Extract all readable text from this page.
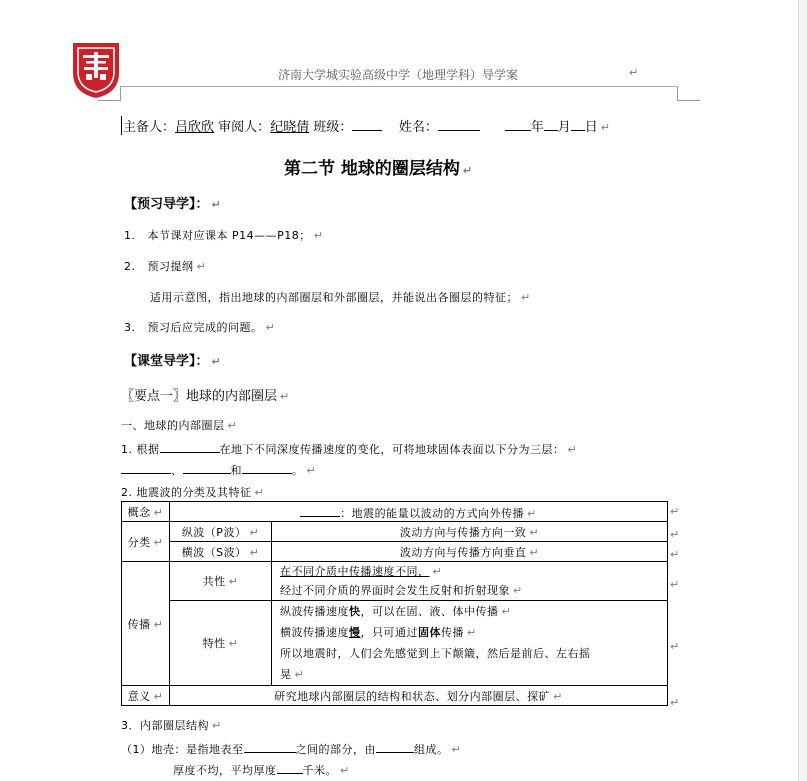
济南大学城实验高级中学（地理学科）导学案	↵
主备人：吕欣欣 审阅人：纪晓倩 班级：	姓名：	年 月 日 ↵
第二节 地球的圈层结构 ↵
【预习导学】： ↵
1. 本节课对应课本 P14——P18； ↵
2. 预习提纲 ↵
适用示意图，指出地球的内部圈层和外部圈层，并能说出各圈层的特征； ↵
3. 预习后应完成的问题。 ↵
【课堂导学】： ↵
〖要点一〗地球的内部圈层 ↵
一、地球的内部圈层 ↵
1. 根据	在地下不同深度传播速度的变化，可将地球固体表面以下分为三层： ↵
、	和	。 ↵
2. 地震波的分类及其特征 ↵
概念 ↵	：地震的能量以波动的方式向外传播 ↵	
分类 ↵	纵波（P波） ↵	波动方向与传播方向一致 ↵
	横波（S波） ↵	波动方向与传播方向垂直 ↵
传播 ↵	共性 ↵	在不同介质中传播速度不同， ↵
经过不同介质的界面时会发生反射和折射现象 ↵

	特性 ↵	纵波传播速度快，可以在固、液、体中传播 ↵
横波传播速度慢，只可通过固体传播 ↵
所以地震时，人们会先感觉到上下颠簸，然后是前后、左右摇
晃 ↵

意义 ↵	研究地球内部圈层的结构和状态、划分内部圈层、探矿 ↵	
↵
↵
↵
↵
↵
↵
3．内部圈层结构 ↵
（1）地壳：是指地表至	之间的部分，由	组成。 ↵
厚度不均，平均厚度 千米。 ↵
